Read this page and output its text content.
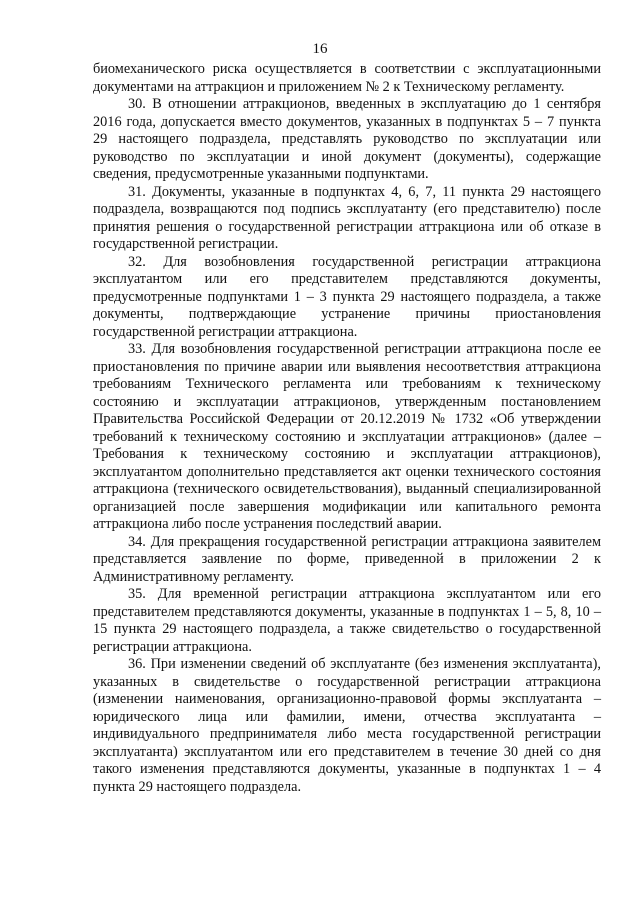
16

биомеханического риска осуществляется в соответствии с эксплуатационными документами на аттракцион и приложением № 2 к Техническому регламенту.

30. В отношении аттракционов, введенных в эксплуатацию до 1 сентября 2016 года, допускается вместо документов, указанных в подпунктах 5 – 7 пункта 29 настоящего подраздела, представлять руководство по эксплуатации или руководство по эксплуатации и иной документ (документы), содержащие сведения, предусмотренные указанными подпунктами.

31. Документы, указанные в подпунктах 4, 6, 7, 11 пункта 29 настоящего подраздела, возвращаются под подпись эксплуатанту (его представителю) после принятия решения о государственной регистрации аттракциона или об отказе в государственной регистрации.

32. Для возобновления государственной регистрации аттракциона эксплуатантом или его представителем представляются документы, предусмотренные подпунктами 1 – 3 пункта 29 настоящего подраздела, а также документы, подтверждающие устранение причины приостановления государственной регистрации аттракциона.

33. Для возобновления государственной регистрации аттракциона после ее приостановления по причине аварии или выявления несоответствия аттракциона требованиям Технического регламента или требованиям к техническому состоянию и эксплуатации аттракционов, утвержденным постановлением Правительства Российской Федерации от 20.12.2019 № 1732 «Об утверждении требований к техническому состоянию и эксплуатации аттракционов» (далее – Требования к техническому состоянию и эксплуатации аттракционов), эксплуатантом дополнительно представляется акт оценки технического состояния аттракциона (технического освидетельствования), выданный специализированной организацией после завершения модификации или капитального ремонта аттракциона либо после устранения последствий аварии.

34. Для прекращения государственной регистрации аттракциона заявителем представляется заявление по форме, приведенной в приложении 2 к Административному регламенту.

35. Для временной регистрации аттракциона эксплуатантом или его представителем представляются документы, указанные в подпунктах 1 – 5, 8, 10 – 15 пункта 29 настоящего подраздела, а также свидетельство о государственной регистрации аттракциона.

36. При изменении сведений об эксплуатанте (без изменения эксплуатанта), указанных в свидетельстве о государственной регистрации аттракциона (изменении наименования, организационно-правовой формы эксплуатанта – юридического лица или фамилии, имени, отчества эксплуатанта – индивидуального предпринимателя либо места государственной регистрации эксплуатанта) эксплуатантом или его представителем в течение 30 дней со дня такого изменения представляются документы, указанные в подпунктах 1 – 4 пункта 29 настоящего подраздела.
